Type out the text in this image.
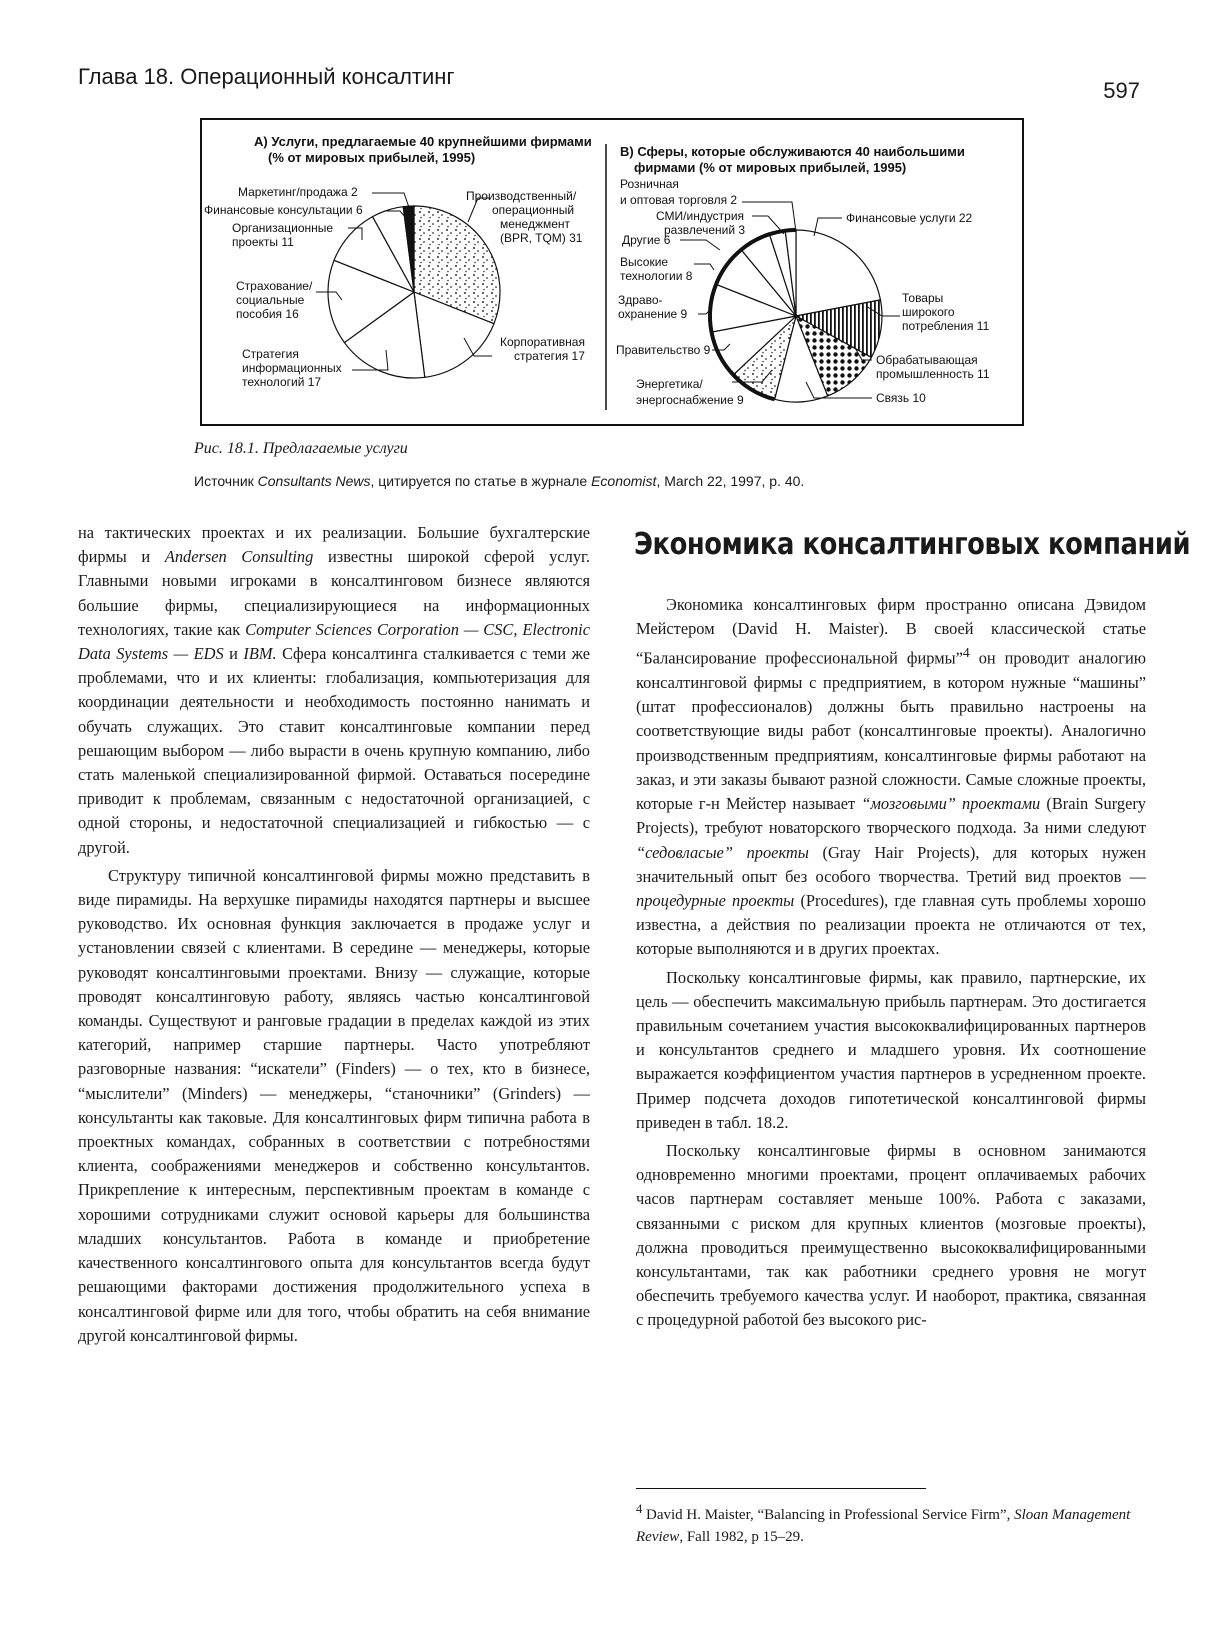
Глава 18. Операционный консалтинг
597
А) Услуги, предлагаемые 40 крупнейшими фирмами
(% от мировых прибылей, 1995)	В) Сферы, которые обслуживаются 40 наибольшими
фирмами (% от мировых прибылей, 1995)
Маркетинг/продажа 2
Финансовые консультации 6
Организационные
проекты 11
Страхование/
социальные
пособия 16
Стратегия
информационных
технологий 17
Производственный/
операционный
менеджмент
(BPR, TQM) 31
Корпоративная
стратегия 17
Розничная
и оптовая торговля 2
СМИ/индустрия
развлечений 3
Другие 6
Высокие
технологии 8
Здраво-
охранение 9
Правительство 9
Энергетика/
энергоснабжение 9
Финансовые услуги 22
Товары
широкого
потребления 11
Обрабатывающая
промышленность 11
Связь 10
Рис. 18.1. Предлагаемые услуги
Источник Consultants News, цитируется по статье в журнале Economist, March 22, 1997, p. 40.

на тактических проектах и их реализации. Большие бухгалтерские фирмы и Andersen Consulting известны широкой сферой услуг. Главными новыми игроками в консалтинговом бизнесе являются большие фирмы, специализирующиеся на информационных технологиях, такие как Computer Sciences Corporation — CSC, Electronic Data Systems — EDS и IBM. Сфера консалтинга сталкивается с теми же проблемами, что и их клиенты: глобализация, компьютеризация для координации деятельности и необходимость постоянно нанимать и обучать служащих. Это ставит консалтинговые компании перед решающим выбором — либо вырасти в очень крупную компанию, либо стать маленькой специализированной фирмой. Оставаться посередине приводит к проблемам, связанным с недостаточной организацией, с одной стороны, и недостаточной специализацией и гибкостью — с другой.

Структуру типичной консалтинговой фирмы можно представить в виде пирамиды. На верхушке пирамиды находятся партнеры и высшее руководство. Их основная функция заключается в продаже услуг и установлении связей с клиентами. В середине — менеджеры, которые руководят консалтинговыми проектами. Внизу — служащие, которые проводят консалтинговую работу, являясь частью консалтинговой команды. Существуют и ранговые градации в пределах каждой из этих категорий, например старшие партнеры. Часто употребляют разговорные названия: “искатели” (Finders) — о тех, кто в бизнесе, “мыслители” (Minders) — менеджеры, “станочники” (Grinders) — консультанты как таковые. Для консалтинговых фирм типична работа в проектных командах, собранных в соответствии с потребностями клиента, соображениями менеджеров и собственно консультантов. Прикрепление к интересным, перспективным проектам в команде с хорошими сотрудниками служит основой карьеры для большинства младших консультантов. Работа в команде и приобретение качественного консалтингового опыта для консультантов всегда будут решающими факторами достижения продолжительного успеха в консалтинговой фирме или для того, чтобы обратить на себя внимание другой консалтинговой фирмы.

Экономика консалтинговых компаний

Экономика консалтинговых фирм пространно описана Дэвидом Мейстером (David H. Maister). В своей классической статье “Балансирование профессиональной фирмы”$^4$ он проводит аналогию консалтинговой фирмы с предприятием, в котором нужные “машины” (штат профессионалов) должны быть правильно настроены на соответствующие виды работ (консалтинговые проекты). Аналогично производственным предприятиям, консалтинговые фирмы работают на заказ, и эти заказы бывают разной сложности. Самые сложные проекты, которые г-н Мейстер называет “мозговыми” проектами (Brain Surgery Projects), требуют новаторского творческого подхода. За ними следуют “седовласые” проекты (Gray Hair Projects), для которых нужен значительный опыт без особого творчества. Третий вид проектов — процедурные проекты (Procedures), где главная суть проблемы хорошо известна, а действия по реализации проекта не отличаются от тех, которые выполняются и в других проектах.

Поскольку консалтинговые фирмы, как правило, партнерские, их цель — обеспечить максимальную прибыль партнерам. Это достигается правильным сочетанием участия высококвалифицированных партнеров и консультантов среднего и младшего уровня. Их соотношение выражается коэффициентом участия партнеров в усредненном проекте. Пример подсчета доходов гипотетической консалтинговой фирмы приведен в табл. 18.2.

Поскольку консалтинговые фирмы в основном занимаются одновременно многими проектами, процент оплачиваемых рабочих часов партнерам составляет меньше 100%. Работа с заказами, связанными с риском для крупных клиентов (мозговые проекты), должна проводиться преимущественно высококвалифицированными консультантами, так как работники среднего уровня не могут обеспечить требуемого качества услуг. И наоборот, практика, связанная с процедурной работой без высокого рис-

$^4$ David H. Maister, “Balancing in Professional Service Firm”, Sloan Management Review, Fall 1982, p 15–29.
